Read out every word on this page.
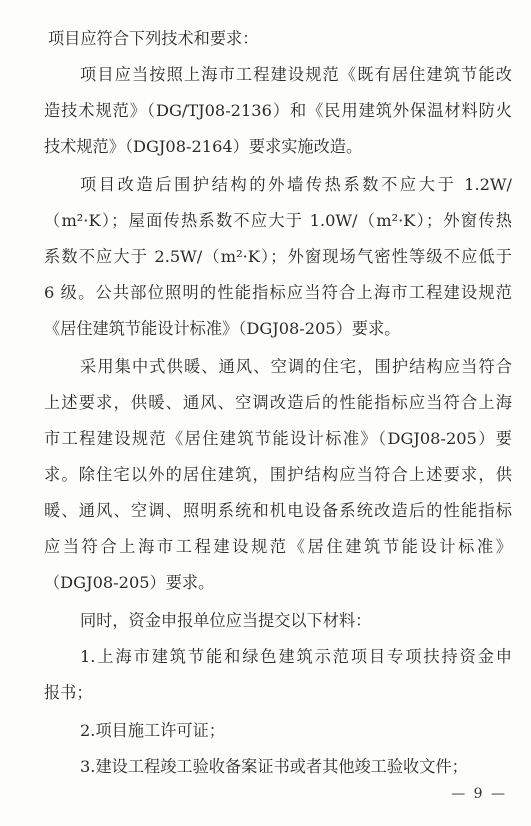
项目应符合下列技术和要求：
项目应当按照上海市工程建设规范《既有居住建筑节能改
造技术规范》（DG/TJ08-2136）和《民用建筑外保温材料防火
技术规范》（DGJ08-2164）要求实施改造。
项目改造后围护结构的外墙传热系数不应大于 1.2W/
（m²·K）；屋面传热系数不应大于 1.0W/（m²·K）；外窗传热
系数不应大于 2.5W/（m²·K）；外窗现场气密性等级不应低于
6 级。公共部位照明的性能指标应当符合上海市工程建设规范
《居住建筑节能设计标准》（DGJ08-205）要求。
采用集中式供暖、通风、空调的住宅，围护结构应当符合
上述要求，供暖、通风、空调改造后的性能指标应当符合上海
市工程建设规范《居住建筑节能设计标准》（DGJ08-205）要
求。除住宅以外的居住建筑，围护结构应当符合上述要求，供
暖、通风、空调、照明系统和机电设备系统改造后的性能指标
应当符合上海市工程建设规范《居住建筑节能设计标准》
（DGJ08-205）要求。
同时，资金申报单位应当提交以下材料：
1.上海市建筑节能和绿色建筑示范项目专项扶持资金申
报书；
2.项目施工许可证；
3.建设工程竣工验收备案证书或者其他竣工验收文件；
— 9 —
